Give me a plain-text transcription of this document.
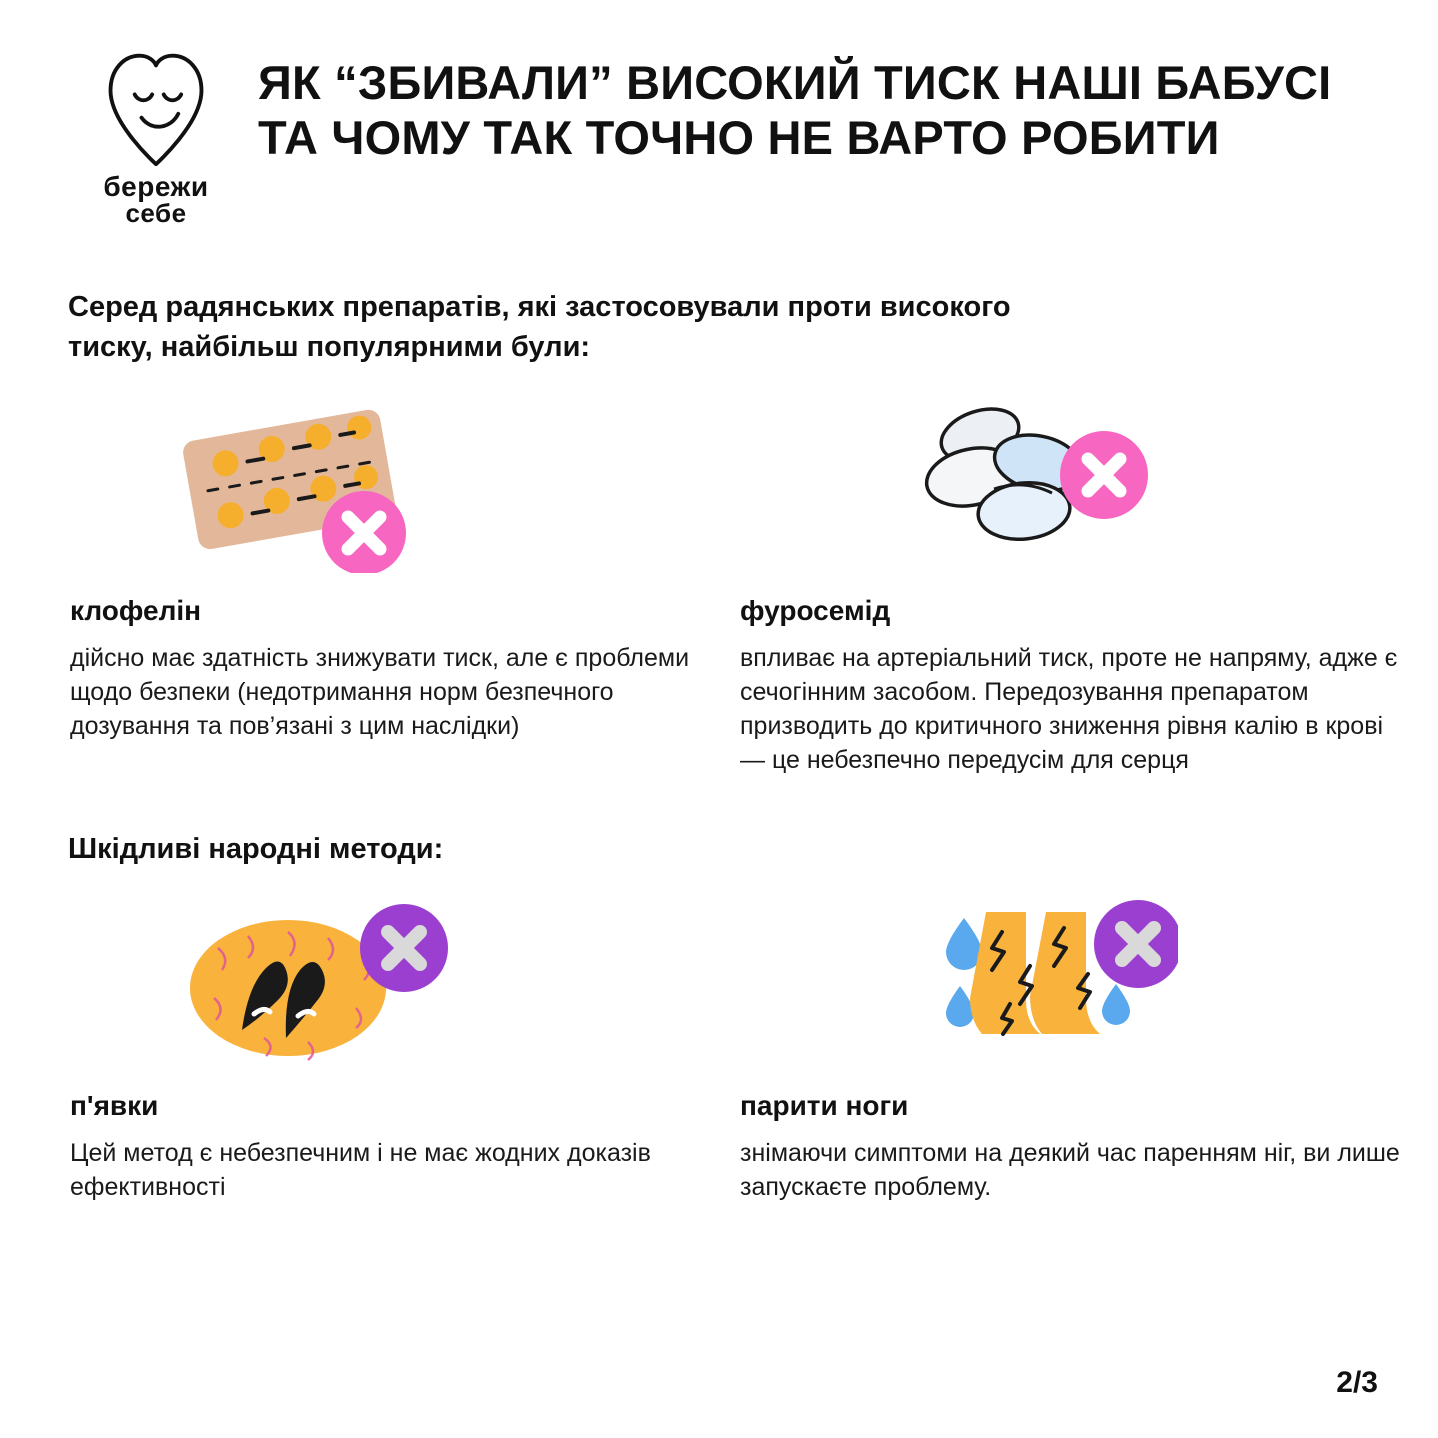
бережи
себе
ЯК “ЗБИВАЛИ” ВИСОКИЙ ТИСК НАШІ БАБУСІ ТА ЧОМУ ТАК ТОЧНО НЕ ВАРТО РОБИТИ

Серед радянських препаратів, які застосовували проти високого тиску, найбільш популярними були:

клофелін

дійсно має здатність знижувати тиск, але є проблеми щодо безпеки (недотримання норм безпечного дозування та пов’язані з цим наслідки)

фуросемід

впливає на артеріальний тиск, проте не напряму, адже є сечогінним засобом. Передозування препаратом призводить до критичного зниження рівня калію в крові — це небезпечно передусім для серця

Шкідливі народні методи:
п'явки

Цей метод є небезпечним і не має жодних доказів ефективності

парити ноги

знімаючи симптоми на деякий час паренням ніг, ви лише запускаєте проблему.

2/3
